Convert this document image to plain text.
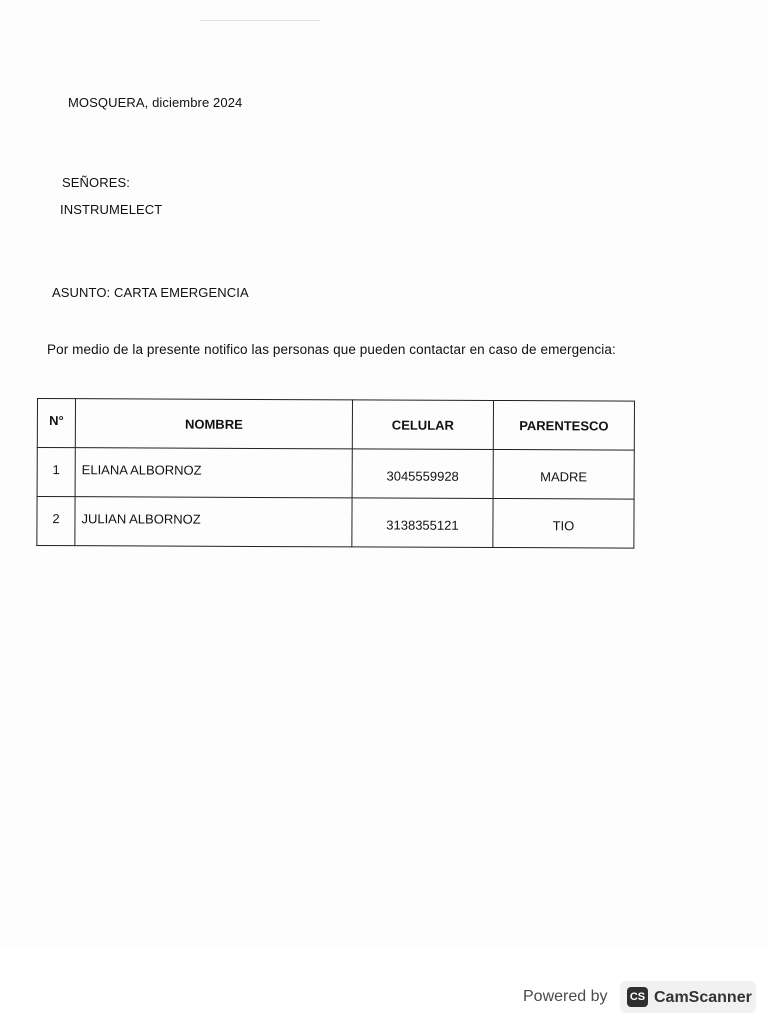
MOSQUERA, diciembre 2024
SEÑORES:
INSTRUMELECT
ASUNTO: CARTA EMERGENCIA
Por medio de la presente notifico las personas que pueden contactar en caso de emergencia:
N°	NOMBRE	CELULAR	PARENTESCO
1	ELIANA ALBORNOZ	3045559928	MADRE
2	JULIAN ALBORNOZ	3138355121	TIO
Powered by CS CamScanner
